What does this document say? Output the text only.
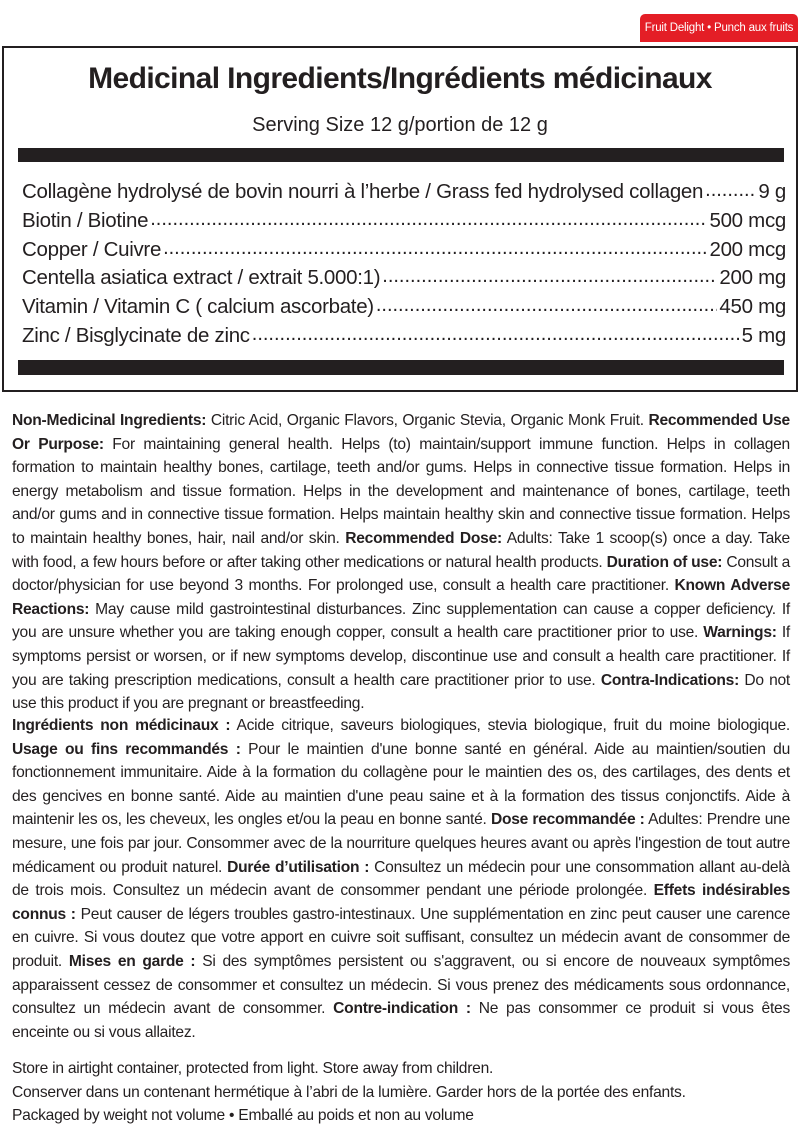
Fruit Delight • Punch aux fruits
Medicinal Ingredients/Ingrédients médicinaux
Serving Size 12 g/portion de 12 g
Collagène hydrolysé de bovin nourri à l’herbe / Grass fed hydrolysed collagen .....	9 g
Biotin / Biotine .....	500 mcg
Copper / Cuivre .....	200 mcg
Centella asiatica extract / extrait 5.000:1) .....	200 mg
Vitamin / Vitamin C ( calcium ascorbate) .....	450 mg
Zinc / Bisglycinate de zinc .....	5 mg
Non-Medicinal Ingredients: Citric Acid, Organic Flavors, Organic Stevia, Organic Monk Fruit. Recommended Use Or Purpose: For maintaining general health. Helps (to) maintain/support immune function. Helps in collagen formation to maintain healthy bones, cartilage, teeth and/or gums. Helps in connective tissue formation. Helps in energy metabolism and tissue formation. Helps in the development and maintenance of bones, cartilage, teeth and/or gums and in connective tissue formation. Helps maintain healthy skin and connective tissue formation. Helps to maintain healthy bones, hair, nail and/or skin. Recommended Dose: Adults: Take 1 scoop(s) once a day. Take with food, a few hours before or after taking other medications or natural health products. Duration of use: Consult a doctor/physician for use beyond 3 months. For prolonged use, consult a health care practitioner. Known Adverse Reactions: May cause mild gastrointestinal disturbances. Zinc supplementation can cause a copper deficiency. If you are unsure whether you are taking enough copper, consult a health care practitioner prior to use. Warnings: If symptoms persist or worsen, or if new symptoms develop, discontinue use and consult a health care practitioner. If you are taking prescription medications, consult a health care practitioner prior to use. Contra-Indications: Do not use this product if you are pregnant or breastfeeding.
Ingrédients non médicinaux : Acide citrique, saveurs biologiques, stevia biologique, fruit du moine biologique. Usage ou fins recommandés : Pour le maintien d'une bonne santé en général. Aide au maintien/soutien du fonctionnement immunitaire. Aide à la formation du collagène pour le maintien des os, des cartilages, des dents et des gencives en bonne santé. Aide au maintien d'une peau saine et à la formation des tissus conjonctifs. Aide à maintenir les os, les cheveux, les ongles et/ou la peau en bonne santé. Dose recommandée : Adultes: Prendre une mesure, une fois par jour. Consommer avec de la nourriture quelques heures avant ou après l'ingestion de tout autre médicament ou produit naturel. Durée d’utilisation : Consultez un médecin pour une consommation allant au-delà de trois mois. Consultez un médecin avant de consommer pendant une période prolongée. Effets indésirables connus : Peut causer de légers troubles gastro-intestinaux. Une supplémentation en zinc peut causer une carence en cuivre. Si vous doutez que votre apport en cuivre soit suffisant, consultez un médecin avant de consommer de produit. Mises en garde : Si des symptômes persistent ou s'aggravent, ou si encore de nouveaux symptômes apparaissent cessez de consommer et consultez un médecin. Si vous prenez des médicaments sous ordonnance, consultez un médecin avant de consommer. Contre-indication : Ne pas consommer ce produit si vous êtes enceinte ou si vous allaitez.
Store in airtight container, protected from light. Store away from children.
Conserver dans un contenant hermétique à l’abri de la lumière. Garder hors de la portée des enfants.
Packaged by weight not volume • Emballé au poids et non au volume
